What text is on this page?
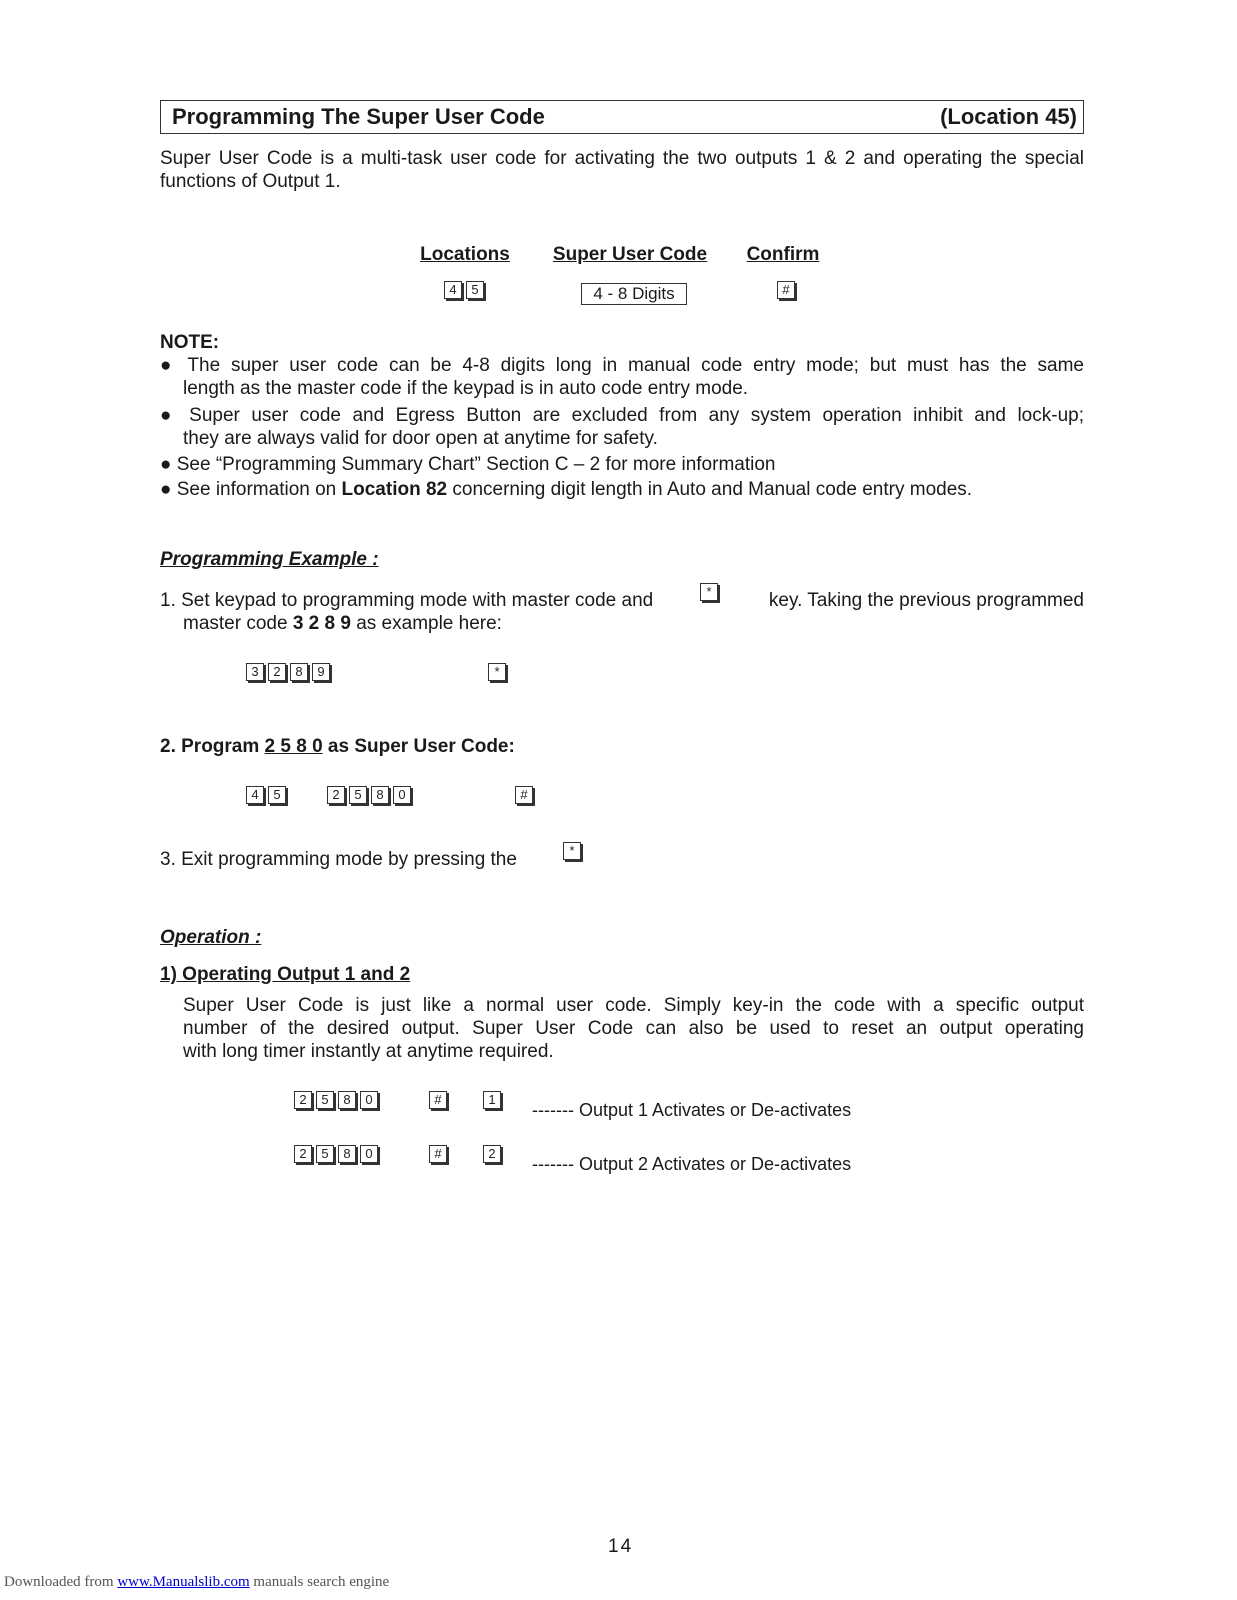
Programming The Super User Code	(Location 45)
Super User Code is a multi-task user code for activating the two outputs 1 & 2 and operating the special functions of Output 1.
Locations	Super User Code	Confirm
4	5	4 - 8 Digits	#
NOTE:
● The super user code can be 4-8 digits long in manual code entry mode; but must has the same
length as the master code if the keypad is in auto code entry mode.
● Super user code and Egress Button are excluded from any system operation inhibit and lock-up;
they are always valid for door open at anytime for safety.
● See “Programming Summary Chart” Section C – 2 for more information
● See information on Location 82 concerning digit length in Auto and Manual code entry modes.
Programming Example :
1. Set keypad to programming mode with master code and	*	key. Taking the previous programmed
master code 3 2 8 9 as example here:
3	2	8	9	*
2. Program 2 5 8 0 as Super User Code:
4	5	2	5	8	0	#
3. Exit programming mode by pressing the	*
Operation :
1) Operating Output 1 and 2
Super User Code is just like a normal user code. Simply key-in the code with a specific output
number of the desired output. Super User Code can also be used to reset an output operating
with long timer instantly at anytime required.
2	5	8	0	#	1
------- Output 1 Activates or De-activates
2	5	8	0	#	2
------- Output 2 Activates or De-activates
14
Downloaded from www.Manualslib.com manuals search engine
